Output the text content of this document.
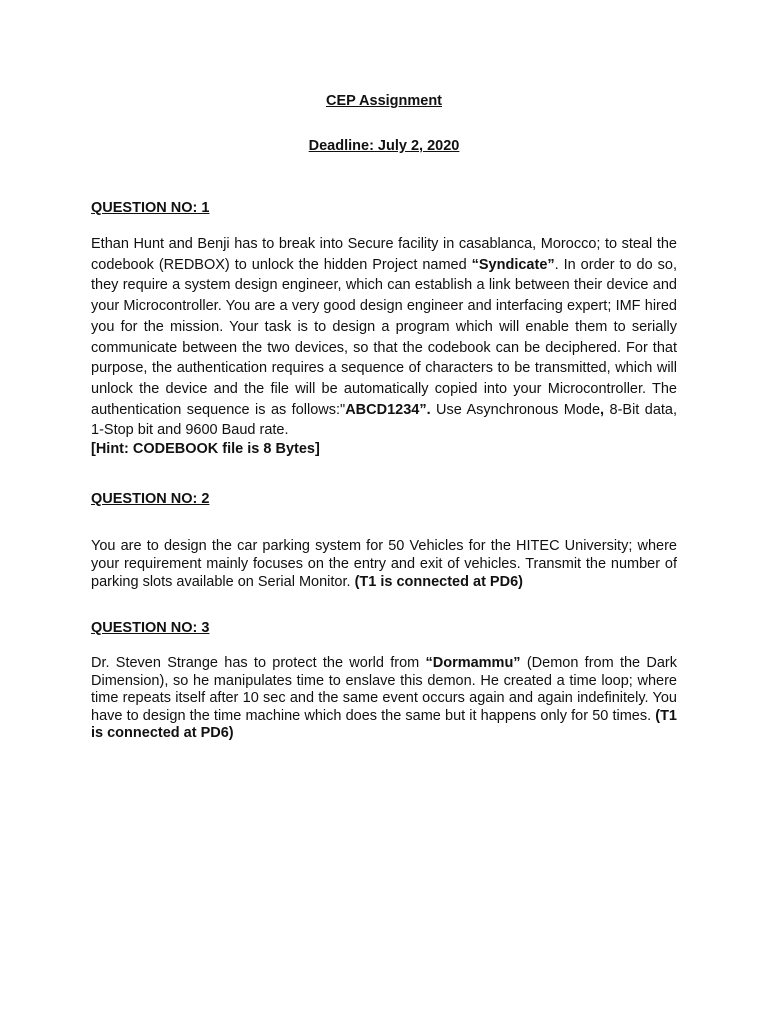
CEP Assignment
Deadline: July 2, 2020
QUESTION NO: 1
Ethan Hunt and Benji has to break into Secure facility in casablanca, Morocco; to steal the codebook (REDBOX) to unlock the hidden Project named “Syndicate”. In order to do so, they require a system design engineer, which can establish a link between their device and your Microcontroller. You are a very good design engineer and interfacing expert; IMF hired you for the mission. Your task is to design a program which will enable them to serially communicate between the two devices, so that the codebook can be deciphered. For that purpose, the authentication requires a sequence of characters to be transmitted, which will unlock the device and the file will be automatically copied into your Microcontroller. The authentication sequence is as follows:"ABCD1234”. Use Asynchronous Mode, 8-Bit data, 1-Stop bit and 9600 Baud rate.
[Hint: CODEBOOK file is 8 Bytes]
QUESTION NO: 2
You are to design the car parking system for 50 Vehicles for the HITEC University; where your requirement mainly focuses on the entry and exit of vehicles. Transmit the number of parking slots available on Serial Monitor. (T1 is connected at PD6)
QUESTION NO: 3
Dr. Steven Strange has to protect the world from “Dormammu” (Demon from the Dark Dimension), so he manipulates time to enslave this demon. He created a time loop; where time repeats itself after 10 sec and the same event occurs again and again indefinitely. You have to design the time machine which does the same but it happens only for 50 times. (T1 is connected at PD6)
